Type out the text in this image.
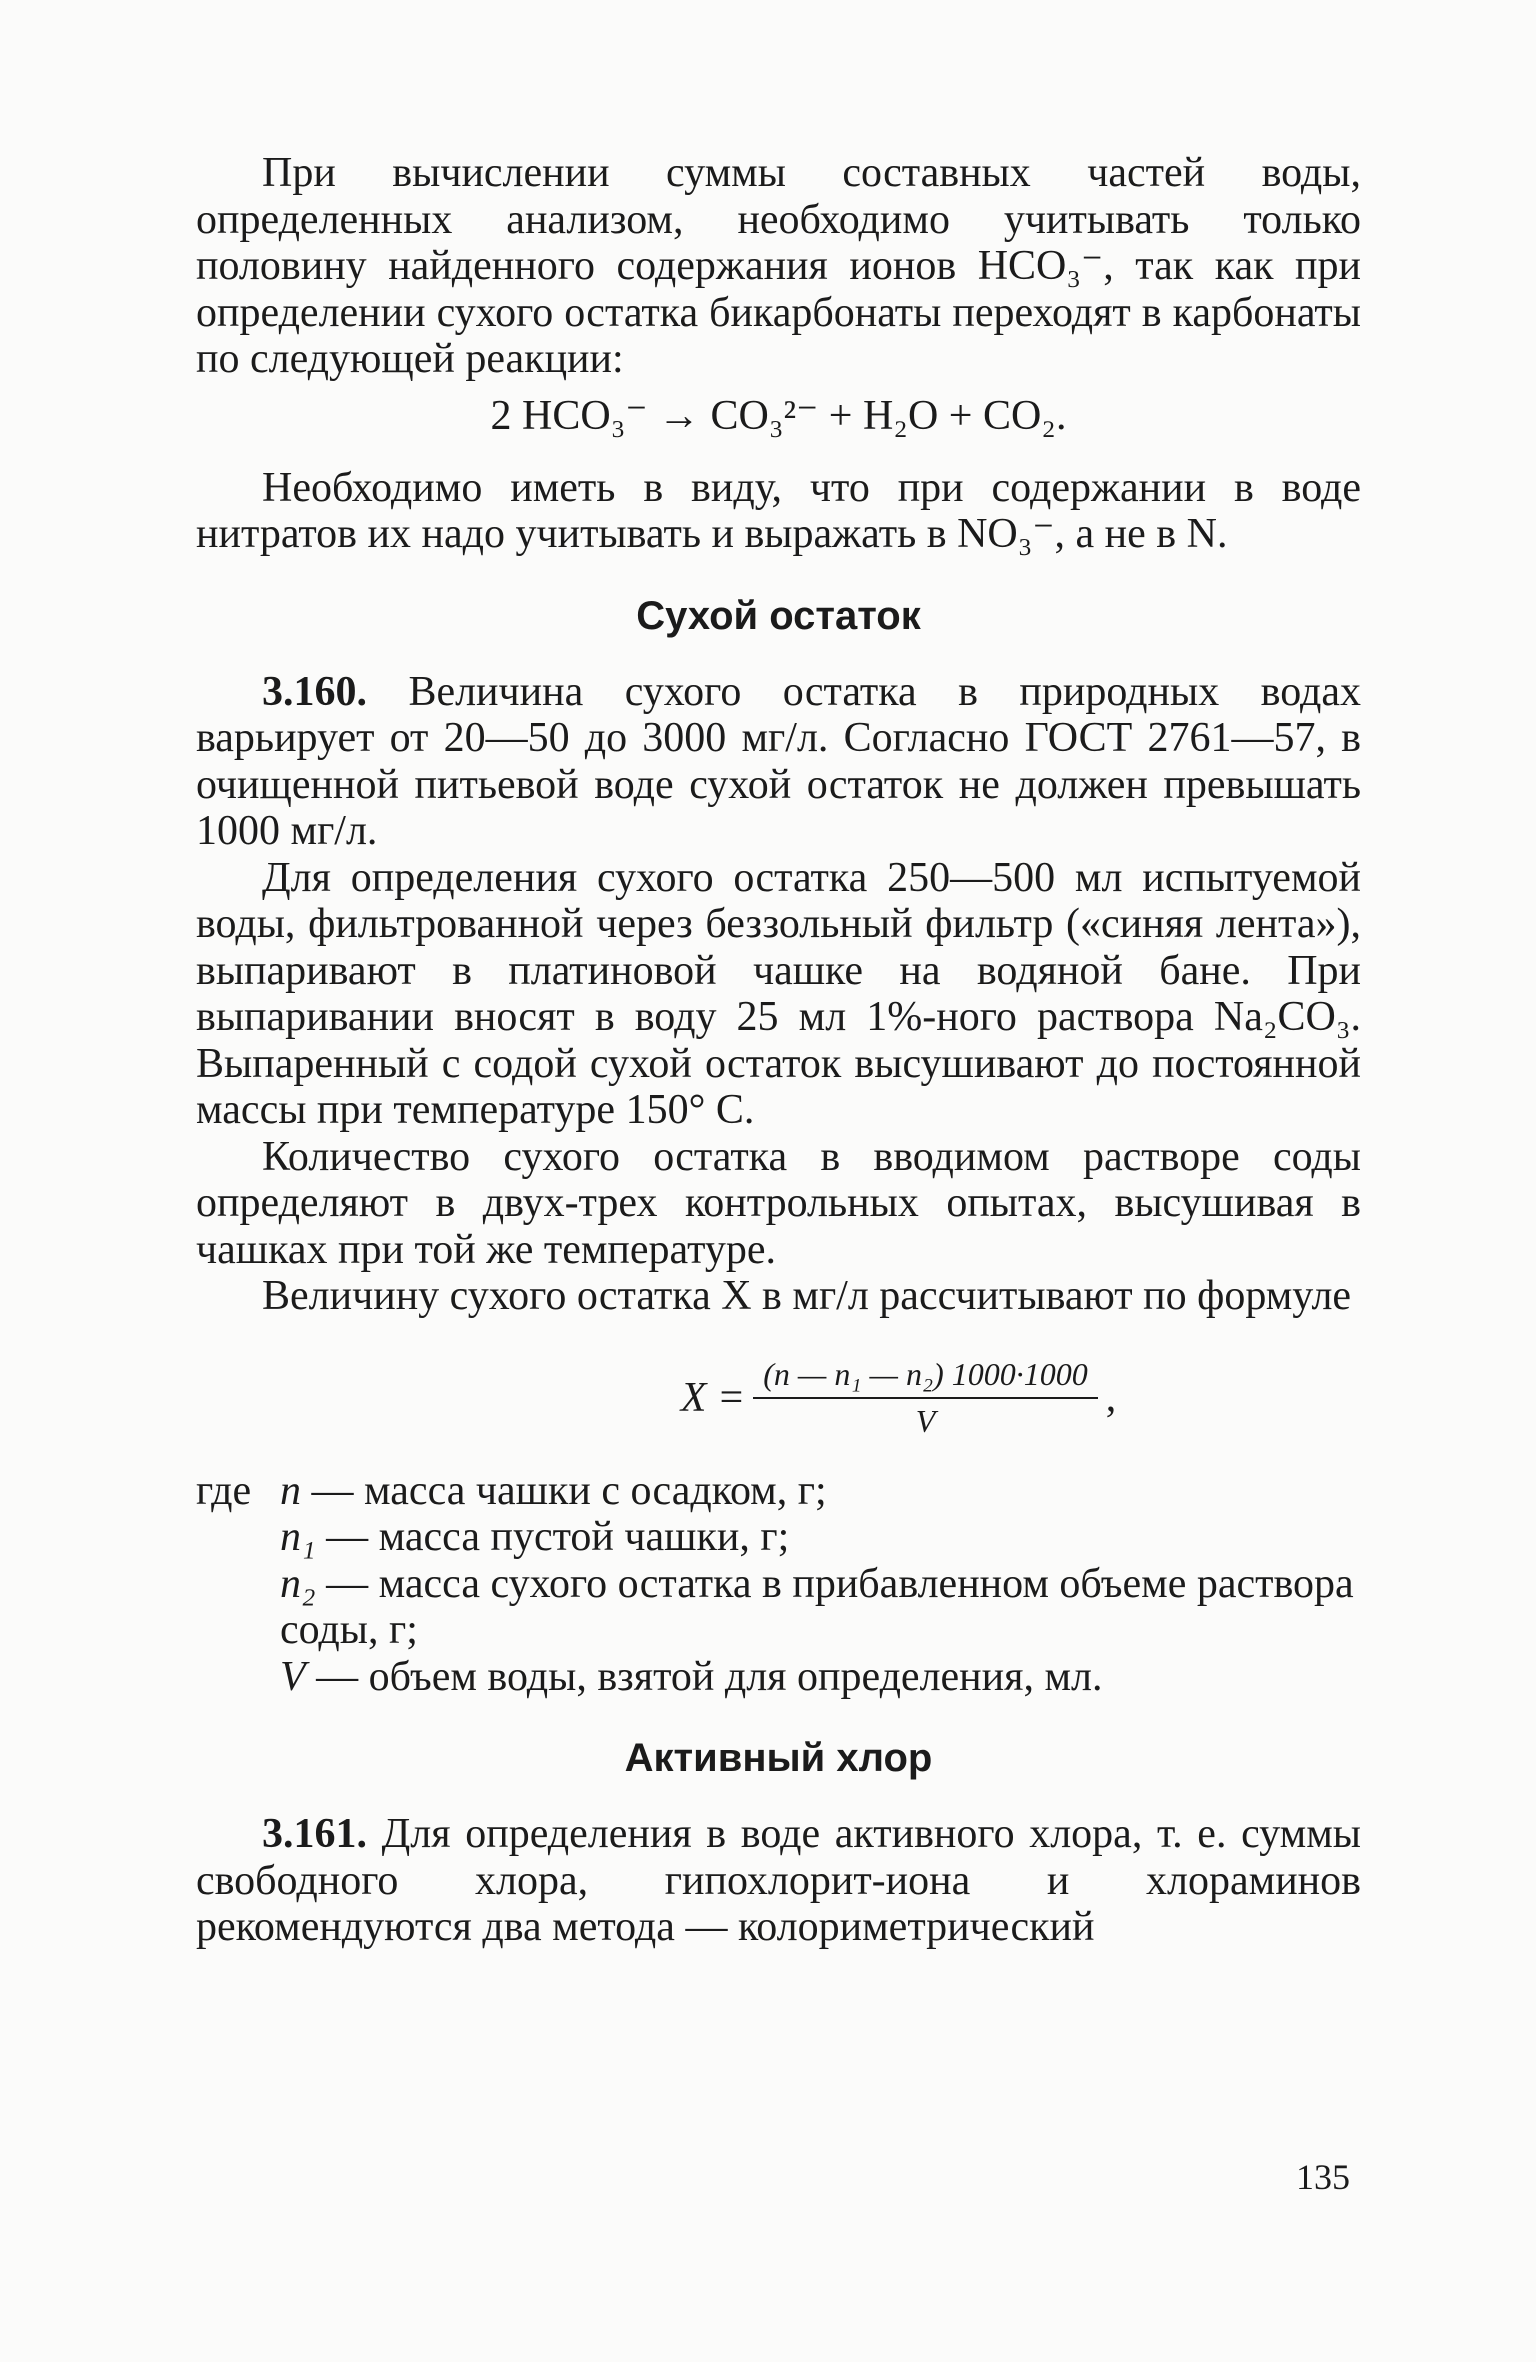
При вычислении суммы составных частей воды, определенных анализом, необходимо учитывать только половину найденного содержания ионов НСО₃⁻, так как при определении сухого остатка бикарбонаты переходят в карбонаты по следующей реакции:

2 НСО₃⁻ → СО₃²⁻ + Н₂О + СО₂.

Необходимо иметь в виду, что при содержании в воде нитратов их надо учитывать и выражать в NO₃⁻, а не в N.

Сухой остаток

3.160. Величина сухого остатка в природных водах варьирует от 20—50 до 3000 мг/л. Согласно ГОСТ 2761—57, в очищенной питьевой воде сухой остаток не должен превышать 1000 мг/л.

Для определения сухого остатка 250—500 мл испытуемой воды, фильтрованной через беззольный фильтр («синяя лента»), выпаривают в платиновой чашке на водяной бане. При выпаривании вносят в воду 25 мл 1%-ного раствора Na₂CO₃. Выпаренный с содой сухой остаток высушивают до постоянной массы при температуре 150° С.

Количество сухого остатка в вводимом растворе соды определяют в двух-трех контрольных опытах, высушивая в чашках при той же температуре.

Величину сухого остатка X в мг/л рассчитывают по формуле

$X = \frac{\text{(n — n₁ — n₂) 1000·1000}}{V}$ ,
где n — масса чашки с осадком, г;
n₁ — масса пустой чашки, г;
n₂ — масса сухого остатка в прибавленном объеме раствора соды, г;
V — объем воды, взятой для определения, мл.
Активный хлор

3.161. Для определения в воде активного хлора, т. е. суммы свободного хлора, гипохлорит-иона и хлораминов рекомендуются два метода — колориметрический

135
